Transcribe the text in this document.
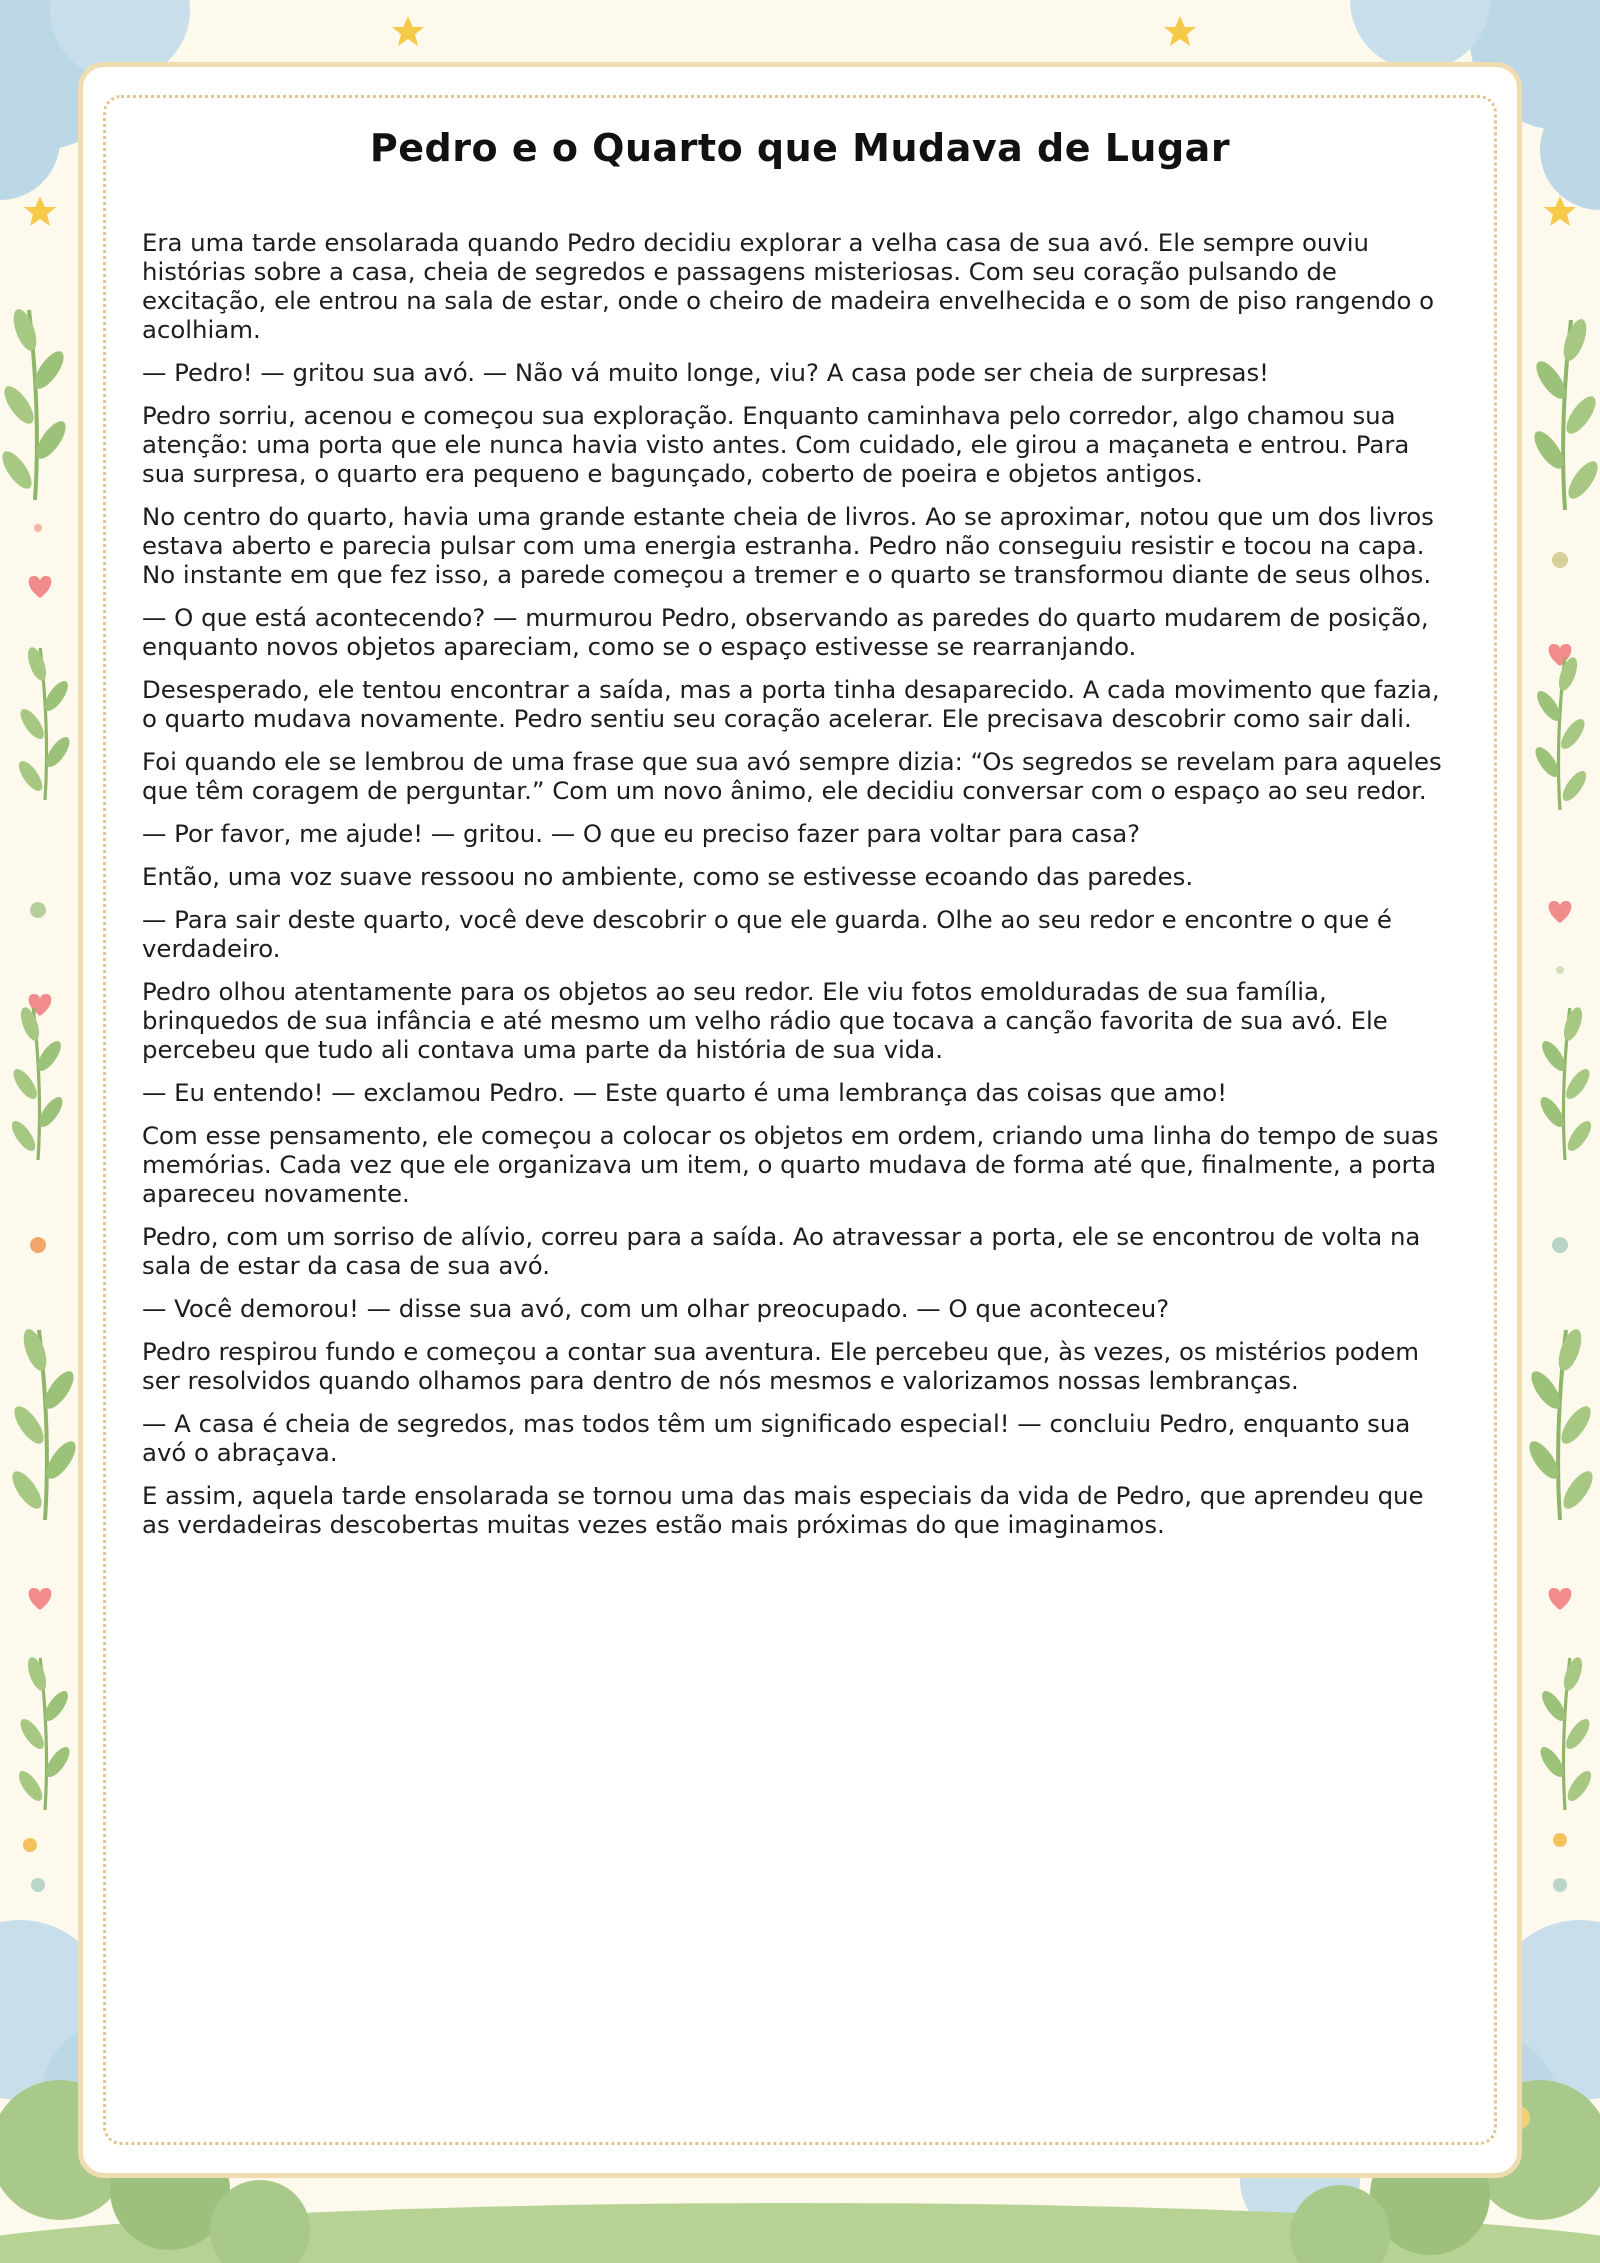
Pedro e o Quarto que Mudava de Lugar

Era uma tarde ensolarada quando Pedro decidiu explorar a velha casa de sua avó. Ele sempre ouviu histórias sobre a casa, cheia de segredos e passagens misteriosas. Com seu coração pulsando de excitação, ele entrou na sala de estar, onde o cheiro de madeira envelhecida e o som de piso rangendo o acolhiam.

— Pedro! — gritou sua avó. — Não vá muito longe, viu? A casa pode ser cheia de surpresas!

Pedro sorriu, acenou e começou sua exploração. Enquanto caminhava pelo corredor, algo chamou sua atenção: uma porta que ele nunca havia visto antes. Com cuidado, ele girou a maçaneta e entrou. Para sua surpresa, o quarto era pequeno e bagunçado, coberto de poeira e objetos antigos.

No centro do quarto, havia uma grande estante cheia de livros. Ao se aproximar, notou que um dos livros estava aberto e parecia pulsar com uma energia estranha. Pedro não conseguiu resistir e tocou na capa. No instante em que fez isso, a parede começou a tremer e o quarto se transformou diante de seus olhos.

— O que está acontecendo? — murmurou Pedro, observando as paredes do quarto mudarem de posição, enquanto novos objetos apareciam, como se o espaço estivesse se rearranjando.

Desesperado, ele tentou encontrar a saída, mas a porta tinha desaparecido. A cada movimento que fazia, o quarto mudava novamente. Pedro sentiu seu coração acelerar. Ele precisava descobrir como sair dali.

Foi quando ele se lembrou de uma frase que sua avó sempre dizia: “Os segredos se revelam para aqueles que têm coragem de perguntar.” Com um novo ânimo, ele decidiu conversar com o espaço ao seu redor.

— Por favor, me ajude! — gritou. — O que eu preciso fazer para voltar para casa?

Então, uma voz suave ressoou no ambiente, como se estivesse ecoando das paredes.

— Para sair deste quarto, você deve descobrir o que ele guarda. Olhe ao seu redor e encontre o que é verdadeiro.

Pedro olhou atentamente para os objetos ao seu redor. Ele viu fotos emolduradas de sua família, brinquedos de sua infância e até mesmo um velho rádio que tocava a canção favorita de sua avó. Ele percebeu que tudo ali contava uma parte da história de sua vida.

— Eu entendo! — exclamou Pedro. — Este quarto é uma lembrança das coisas que amo!

Com esse pensamento, ele começou a colocar os objetos em ordem, criando uma linha do tempo de suas memórias. Cada vez que ele organizava um item, o quarto mudava de forma até que, finalmente, a porta apareceu novamente.

Pedro, com um sorriso de alívio, correu para a saída. Ao atravessar a porta, ele se encontrou de volta na sala de estar da casa de sua avó.

— Você demorou! — disse sua avó, com um olhar preocupado. — O que aconteceu?

Pedro respirou fundo e começou a contar sua aventura. Ele percebeu que, às vezes, os mistérios podem ser resolvidos quando olhamos para dentro de nós mesmos e valorizamos nossas lembranças.

— A casa é cheia de segredos, mas todos têm um significado especial! — concluiu Pedro, enquanto sua avó o abraçava.

E assim, aquela tarde ensolarada se tornou uma das mais especiais da vida de Pedro, que aprendeu que as verdadeiras descobertas muitas vezes estão mais próximas do que imaginamos.
